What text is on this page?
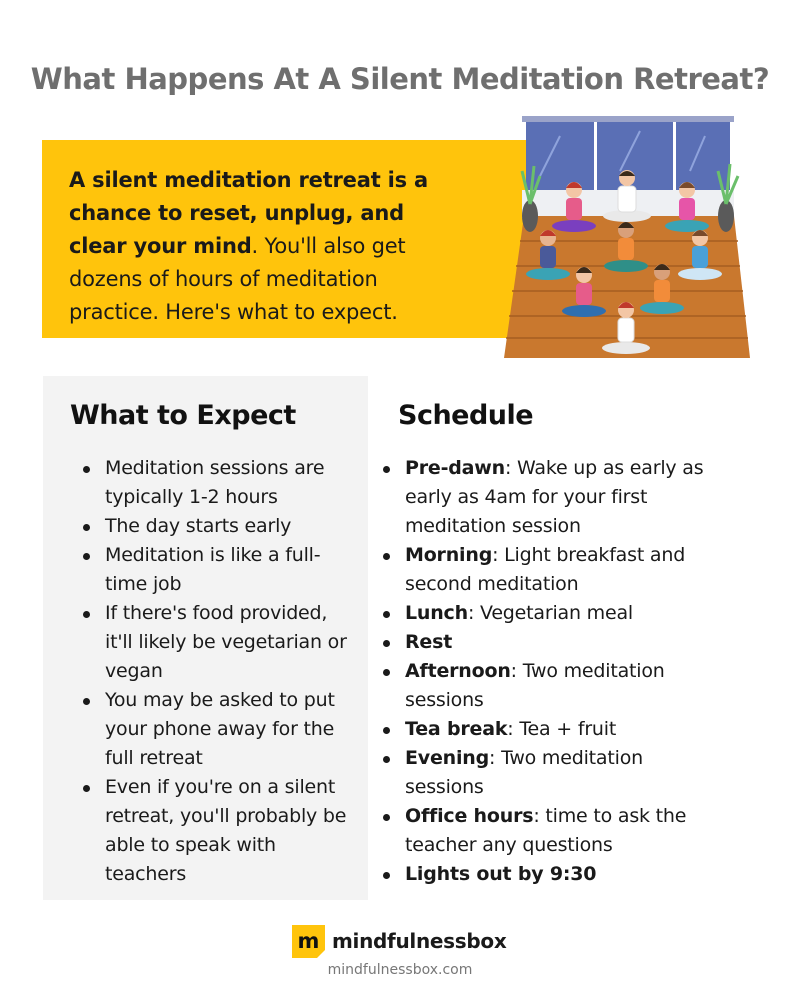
What Happens At A Silent Meditation Retreat?

A silent meditation retreat is a chance to reset, unplug, and clear your mind. You'll also get dozens of hours of meditation practice. Here's what to expect.

What to Expect	Schedule
Meditation sessions are typically 1-2 hours
The day starts early
Meditation is like a full-time job
If there's food provided, it'll likely be vegetarian or vegan
You may be asked to put your phone away for the full retreat
Even if you're on a silent retreat, you'll probably be able to speak with teachers
Pre-dawn: Wake up as early as early as 4am for your first meditation session
Morning: Light breakfast and second meditation
Lunch: Vegetarian meal
Rest
Afternoon: Two meditation sessions
Tea break: Tea + fruit
Evening: Two meditation sessions
Office hours: time to ask the teacher any questions
Lights out by 9:30
m mindfulnessbox
mindfulnessbox.com
